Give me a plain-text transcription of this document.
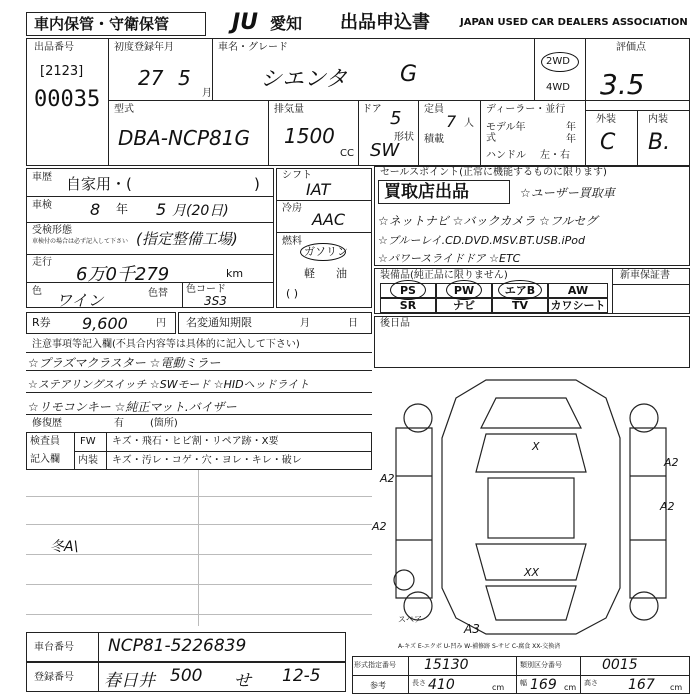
車内保管・守衛保管	JU 愛知 出品申込書	JAPAN USED CAR DEALERS ASSOCIATION
出品番号
[2123]
00035
初度登録年月
27 5
月
車名・グレード
シエンタ G
2WD
4WD
評価点
3.5
外装	内装
C B.
型式
DBA-NCP81G
排気量
1500
CC
ドア 5
形状
SW
定員
7 人
積載
ディーラー・並行
モデル年式
年
年
ハンドル 左・右
車歴 自家用・(	)
車検 8 年 5 月(20日)
受検形態
車検付の場合は必ず記入して下さい (指定整備工場)
走行
6万0千279	km
色 ワイン	色替 色コード
3S3
シフト
IAT
冷房
AAC
燃料
ガソリン
軽 油
( )
セールスポイント(正常に機能するものに限ります)
買取店出品	☆ユーザー買取車
☆ネットナビ ☆バックカメラ ☆フルセグ
☆ブルーレイ.CD.DVD.MSV.BT.USB.iPod
☆パワースライドドア ☆ETC
装備品(純正品に限りません)	新車保証書
PS	PW	エアB	AW
SR	ナビ	TV	カワシート
R券 9,600	円 名変通知期限	月	日 後日品
注意事項等記入欄(不具合内容等は具体的に記入して下さい)
☆プラズマクラスター ☆電動ミラー
☆ステアリングスイッチ ☆SWモード ☆HIDヘッドライト
☆リモコンキー ☆純正マット.バイザー
修復歴	有	(箇所)
検査員
記入欄
FW キズ・飛石・ヒビ割・リペア跡・X要
内装 キズ・汚レ・コゲ・穴・ヨレ・キレ・破レ
冬A\
A2
A2
A2
A2
X
XX
A3
スペア
A-キズ E-エクボ U-凹み W-補修跡 S-サビ C-腐食 XX-交換済
車台番号 NCP81-5226839
登録番号 春日井 500 せ 12-5
形式指定番号 15130	類別区分番号	0015
参考	長さ 410	cm 幅 169 cm 高さ 167 cm
